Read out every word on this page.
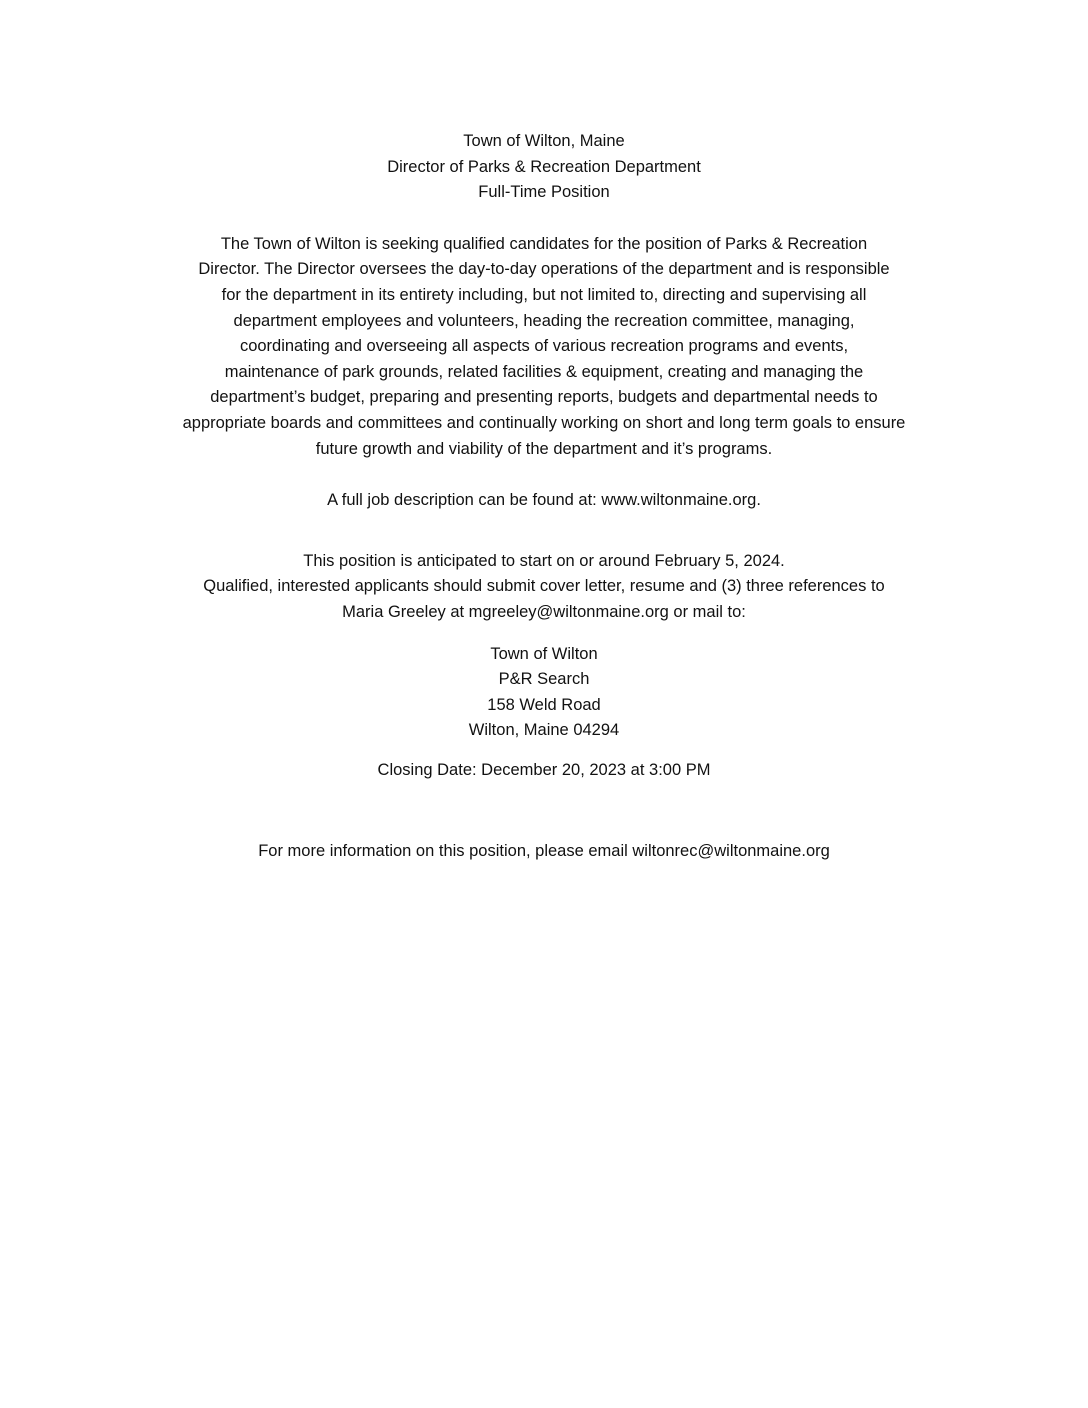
Town of Wilton, Maine
Director of Parks & Recreation Department
Full-Time Position
The Town of Wilton is seeking qualified candidates for the position of Parks & Recreation
Director. The Director oversees the day-to-day operations of the department and is responsible
for the department in its entirety including, but not limited to, directing and supervising all
department employees and volunteers, heading the recreation committee, managing,
coordinating and overseeing all aspects of various recreation programs and events,
maintenance of park grounds, related facilities & equipment, creating and managing the
department’s budget, preparing and presenting reports, budgets and departmental needs to
appropriate boards and committees and continually working on short and long term goals to ensure
future growth and viability of the department and it’s programs.
A full job description can be found at: www.wiltonmaine.org.
This position is anticipated to start on or around February 5, 2024.
Qualified, interested applicants should submit cover letter, resume and (3) three references to
Maria Greeley at mgreeley@wiltonmaine.org or mail to:
Town of Wilton
P&R Search
158 Weld Road
Wilton, Maine 04294
Closing Date: December 20, 2023 at 3:00 PM
For more information on this position, please email wiltonrec@wiltonmaine.org
